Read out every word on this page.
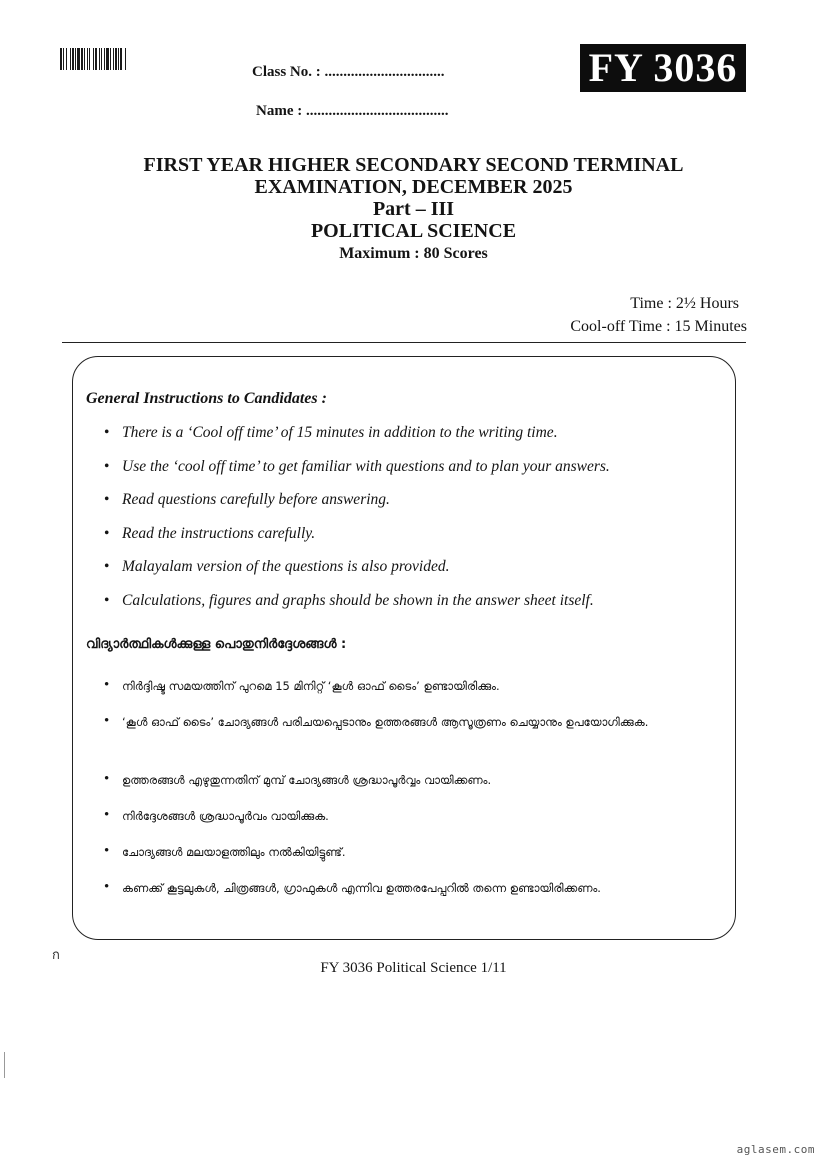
Class No. : ................................
Name : ......................................
FY 3036
FIRST YEAR HIGHER SECONDARY SECOND TERMINAL
EXAMINATION, DECEMBER 2025
Part – III
POLITICAL SCIENCE
Maximum : 80 Scores
Time : 2½ Hours
Cool-off Time : 15 Minutes
General Instructions to Candidates :
• There is a ‘Cool off time’ of 15 minutes in addition to the writing time.
• Use the ‘cool off time’ to get familiar with questions and to plan your answers.
• Read questions carefully before answering.
• Read the instructions carefully.
• Malayalam version of the questions is also provided.
• Calculations, figures and graphs should be shown in the answer sheet itself.
വിദ്യാർത്ഥികൾക്കുള്ള പൊതുനിർദ്ദേശങ്ങൾ :
• നിർദ്ദിഷ്ട സമയത്തിന് പുറമെ 15 മിനിറ്റ് ‘കൂൾ ഓഫ് ടൈം’ ഉണ്ടായിരിക്കും.
• ‘കൂൾ ഓഫ് ടൈം’ ചോദ്യങ്ങൾ പരിചയപ്പെടാനും ഉത്തരങ്ങൾ ആസൂത്രണം ചെയ്യാനും ഉപയോഗിക്കുക.
• ഉത്തരങ്ങൾ എഴുതുന്നതിന് മുമ്പ് ചോദ്യങ്ങൾ ശ്രദ്ധാപൂർവ്വം വായിക്കണം.
• നിർദ്ദേശങ്ങൾ ശ്രദ്ധാപൂർവം വായിക്കുക.
• ചോദ്യങ്ങൾ മലയാളത്തിലും നൽകിയിട്ടുണ്ട്.
• കണക്ക് കൂട്ടലുകൾ, ചിത്രങ്ങൾ, ഗ്രാഫുകൾ എന്നിവ ഉത്തരപേപ്പറിൽ തന്നെ ഉണ്ടായിരിക്കണം.
ก
FY 3036 Political Science 1/11
aglasem.com
